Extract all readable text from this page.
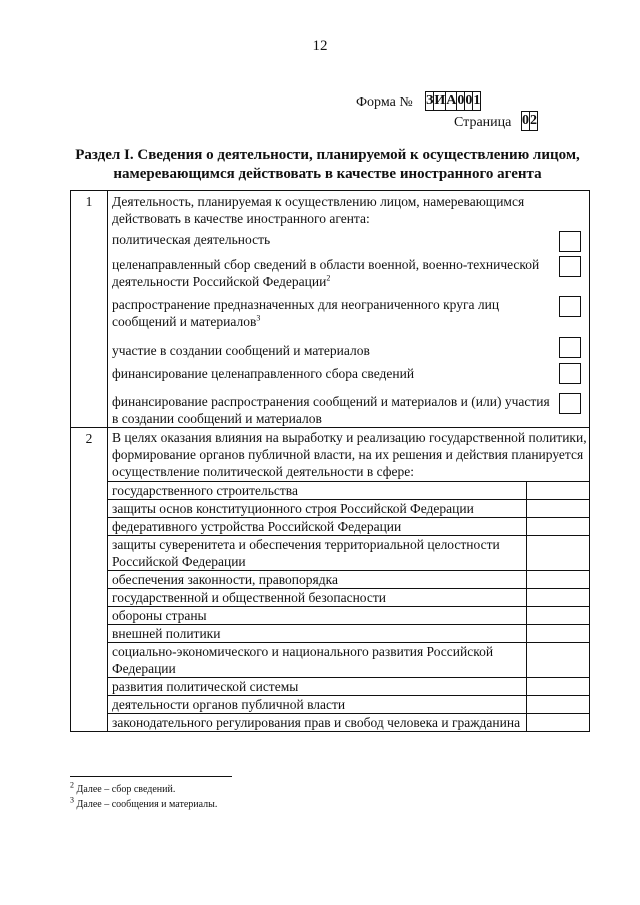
12
Форма № З	И	А	0	0	1
Страница 0	2
Раздел I. Сведения о деятельности, планируемой к осуществлению лицом, намеревающимся действовать в качестве иностранного агента
1	Деятельность, планируемая к осуществлению лицом, намеревающимся действовать в качестве иностранного агента:
политическая деятельность
целенаправленный сбор сведений в области военной, военно-технической деятельности Российской Федерации$^2$
распространение предназначенных для неограниченного круга лиц сообщений и материалов$^3$
участие в создании сообщений и материалов
финансирование целенаправленного сбора сведений
финансирование распространения сообщений и материалов и (или) участия в создании сообщений и материалов

2	В целях оказания влияния на выработку и реализацию государственной политики, формирование органов публичной власти, на их решения и действия планируется осуществление политической деятельности в сфере:
государственного строительства	
защиты основ конституционного строя Российской Федерации	
федеративного устройства Российской Федерации	
защиты суверенитета и обеспечения территориальной целостности Российской Федерации	
обеспечения законности, правопорядка	
государственной и общественной безопасности	
обороны страны	
внешней политики	
социально-экономического и национального развития Российской Федерации	
развития политической системы	
деятельности органов публичной власти	
законодательного регулирования прав и свобод человека и гражданина	
$^2$ Далее – сбор сведений.
$^3$ Далее – сообщения и материалы.
